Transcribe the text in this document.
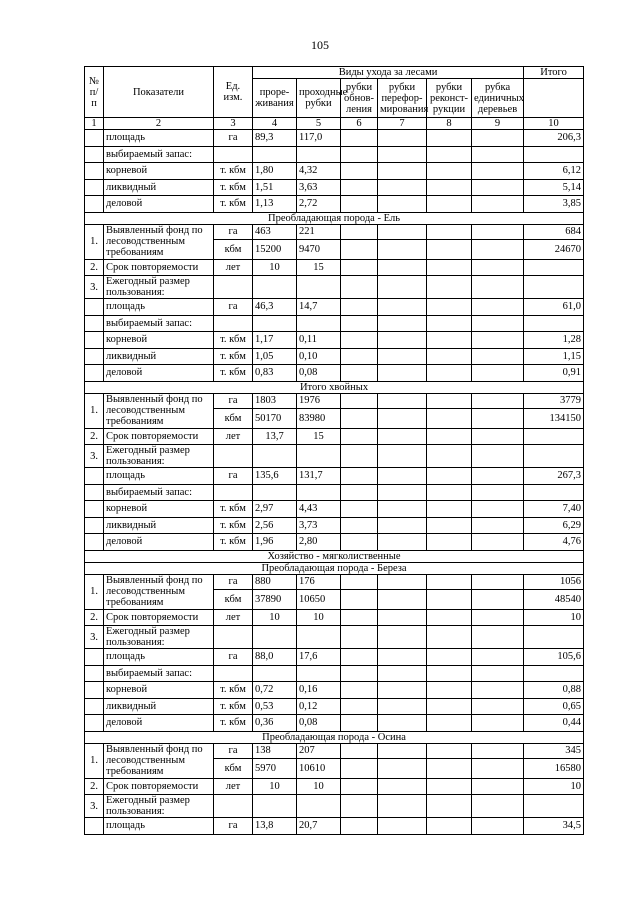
105
№ п/п	Показатели	Ед. изм.	Виды ухода за лесами						Итого
			проре-живания	проходные рубки	рубки обнов-ления	рубки перефор-мирования	рубки реконст-рукции	рубка единичных деревьев	
1	2	3	4	5	6	7	8	9	10
	площадь	га	89,3	117,0					206,3
	выбираемый запас:								
	корневой	т. кбм	1,80	4,32					6,12
	ликвидный	т. кбм	1,51	3,63					5,14
	деловой	т. кбм	1,13	2,72					3,85
Преобладающая порода - Ель									
1.	Выявленный фонд по лесоводственным требованиям	га	463	221					684
		кбм	15200	9470					24670
2.	Срок повторяемости	лет	10	15					
3.	Ежегодный размер пользования:								
	площадь	га	46,3	14,7					61,0
	выбираемый запас:								
	корневой	т. кбм	1,17	0,11					1,28
	ликвидный	т. кбм	1,05	0,10					1,15
	деловой	т. кбм	0,83	0,08					0,91
Итого хвойных									
1.	Выявленный фонд по лесоводственным требованиям	га	1803	1976					3779
		кбм	50170	83980					134150
2.	Срок повторяемости	лет	13,7	15					
3.	Ежегодный размер пользования:								
	площадь	га	135,6	131,7					267,3
	выбираемый запас:								
	корневой	т. кбм	2,97	4,43					7,40
	ликвидный	т. кбм	2,56	3,73					6,29
	деловой	т. кбм	1,96	2,80					4,76
Хозяйство - мягколиственные									
Преобладающая порода - Береза									
1.	Выявленный фонд по лесоводственным требованиям	га	880	176					1056
		кбм	37890	10650					48540
2.	Срок повторяемости	лет	10	10					10
3.	Ежегодный размер пользования:								
	площадь	га	88,0	17,6					105,6
	выбираемый запас:								
	корневой	т. кбм	0,72	0,16					0,88
	ликвидный	т. кбм	0,53	0,12					0,65
	деловой	т. кбм	0,36	0,08					0,44
Преобладающая порода - Осина									
1.	Выявленный фонд по лесоводственным требованиям	га	138	207					345
		кбм	5970	10610					16580
2.	Срок повторяемости	лет	10	10					10
3.	Ежегодный размер пользования:								
	площадь	га	13,8	20,7					34,5
